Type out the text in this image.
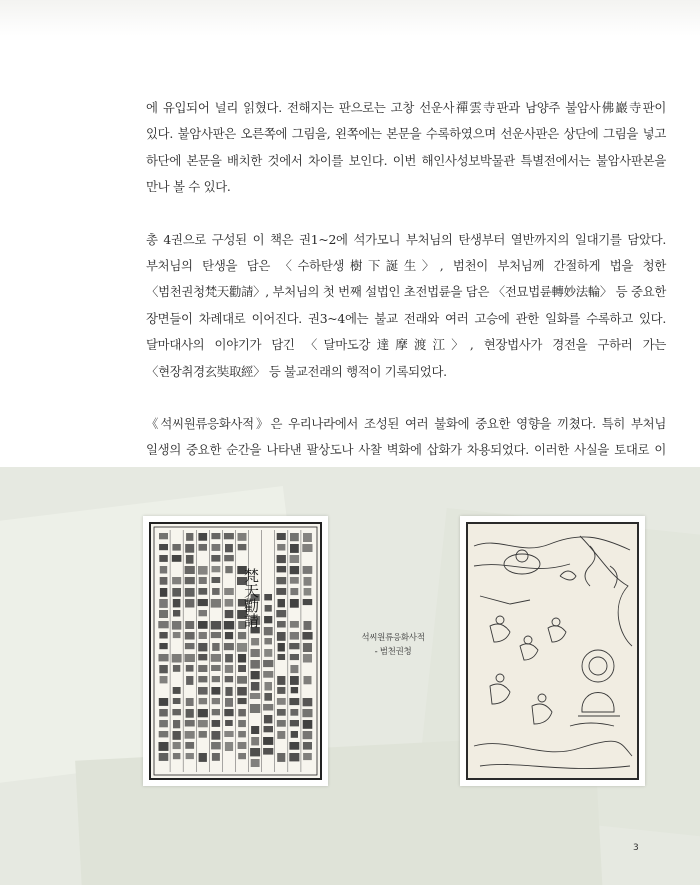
에 유입되어 널리 읽혔다. 전해지는 판으로는 고창 선운사禪雲寺판과 남양주 불암사佛巖寺판이 있다. 불암사판은 오른쪽에 그림을, 왼쪽에는 본문을 수록하였으며 선운사판은 상단에 그림을 넣고 하단에 본문을 배치한 것에서 차이를 보인다. 이번 해인사성보박물관 특별전에서는 불암사판본을 만나 볼 수 있다.

총 4권으로 구성된 이 책은 권1~2에 석가모니 부처님의 탄생부터 열반까지의 일대기를 담았다. 부처님의 탄생을 담은 〈수하탄생樹下誕生〉, 범천이 부처님께 간절하게 법을 청한 〈범천권청梵天勸請〉, 부처님의 첫 번째 설법인 초전법륜을 담은 〈전묘법륜轉妙法輪〉 등 중요한 장면들이 차례대로 이어진다. 권3~4에는 불교 전래와 여러 고승에 관한 일화를 수록하고 있다. 달마대사의 이야기가 담긴 〈달마도강達摩渡江〉, 현장법사가 경전을 구하러 가는 〈현장취경玄奘取經〉 등 불교전래의 행적이 기록되었다.

《석씨원류응화사적》은 우리나라에서 조성된 여러 불화에 중요한 영향을 끼쳤다. 특히 부처님 일생의 중요한 순간을 나타낸 팔상도나 사찰 벽화에 삽화가 차용되었다. 이러한 사실을 토대로 이

梵天勸請
석씨원류응화사적
- 범천권청
3
